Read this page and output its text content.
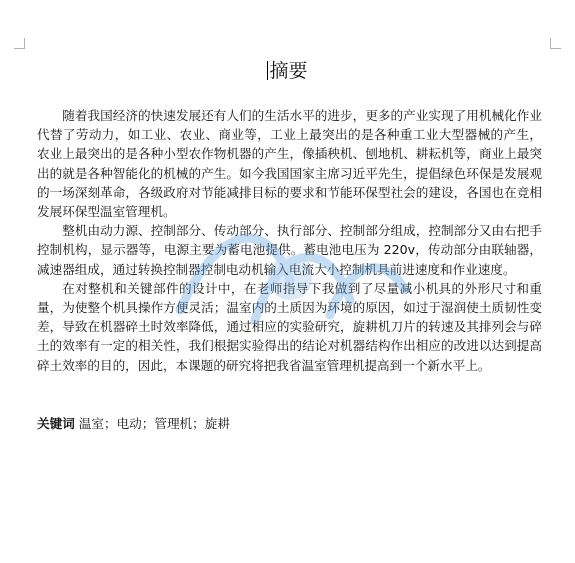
摘要

随着我国经济的快速发展还有人们的生活水平的进步，更多的产业实现了用机械化作业代替了劳动力，如工业、农业、商业等，工业上最突出的是各种重工业大型器械的产生， 农业上最突出的是各种小型农作物机器的产生，像插秧机、刨地机、耕耘机等，商业上最突出的就是各种智能化的机械的产生。如今我国国家主席习近平先生，提倡绿色环保是发展观的一场深刻革命，各级政府对节能减排目标的要求和节能环保型社会的建设，各国也在竞相发展环保型温室管理机。

整机由动力源、控制部分、传动部分、执行部分、控制部分组成，控制部分又由右把手控制机构，显示器等，电源主要为蓄电池提供。蓄电池电压为 220v，传动部分由联轴器， 减速器组成，通过转换控制器控制电动机输入电流大小控制机具前进速度和作业速度。

在对整机和关键部件的设计中，在老师指导下我做到了尽量减小机具的外形尺寸和重量，为使整个机具操作方便灵活；温室内的土质因为环境的原因，如过于湿润使土质韧性变差，导致在机器碎土时效率降低，通过相应的实验研究，旋耕机刀片的转速及其排列会与碎土的效率有一定的相关性，我们根据实验得出的结论对机器结构作出相应的改进以达到提高碎土效率的目的，因此，本课题的研究将把我省温室管理机提高到一个新水平上。

关键词 温室；电动；管理机；旋耕
